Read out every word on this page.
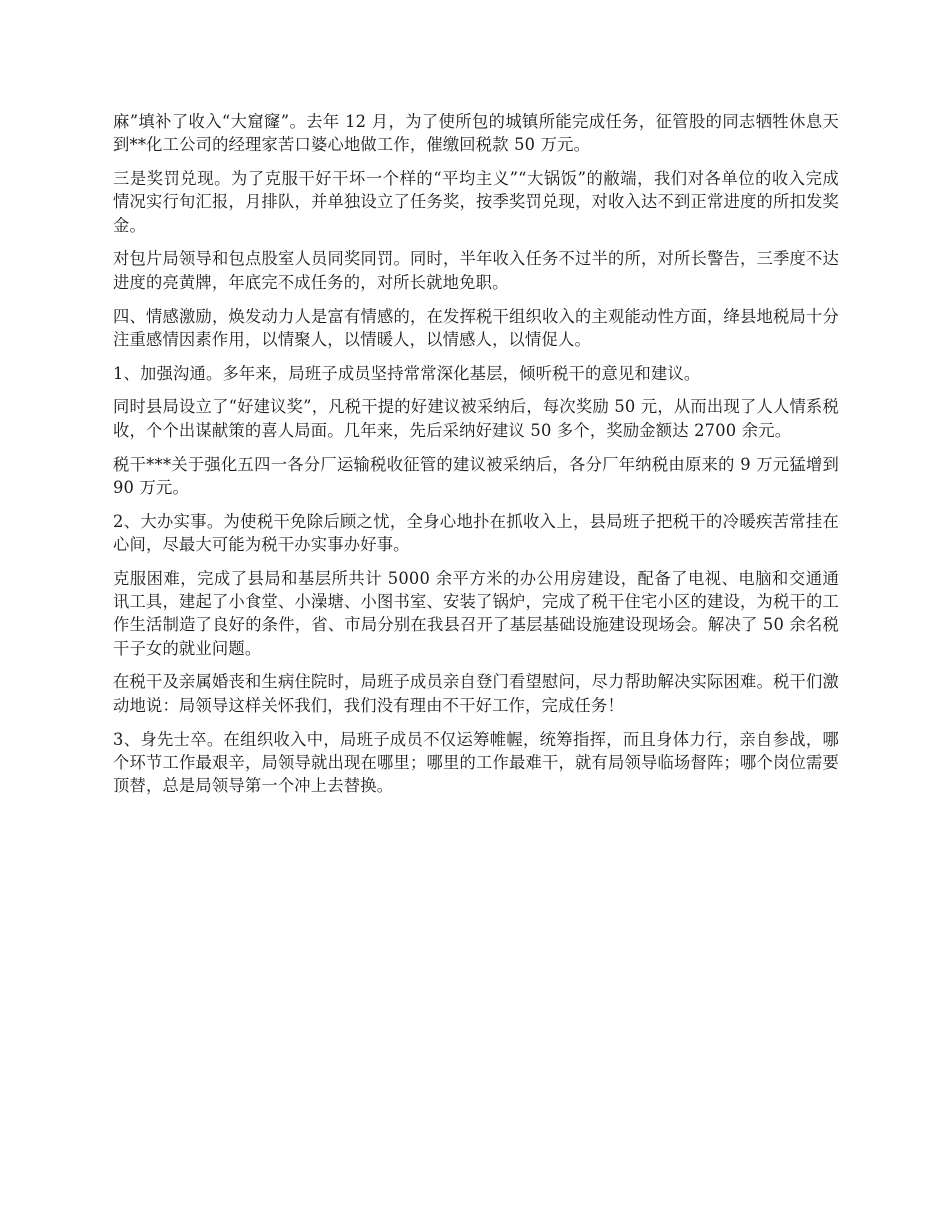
麻”填补了收入“大窟窿”。去年 12 月，为了使所包的城镇所能完成任务，征管股的同志牺牲休息天到**化工公司的经理家苦口婆心地做工作，催缴回税款 50 万元。

三是奖罚兑现。为了克服干好干坏一个样的“平均主义”“大锅饭”的敝端，我们对各单位的收入完成情况实行旬汇报，月排队，并单独设立了任务奖，按季奖罚兑现，对收入达不到正常进度的所扣发奖金。

对包片局领导和包点股室人员同奖同罚。同时，半年收入任务不过半的所，对所长警告，三季度不达进度的亮黄牌，年底完不成任务的，对所长就地免职。

四、情感激励，焕发动力人是富有情感的，在发挥税干组织收入的主观能动性方面，绛县地税局十分注重感情因素作用，以情聚人，以情暖人，以情感人，以情促人。

1、加强沟通。多年来，局班子成员坚持常常深化基层，倾听税干的意见和建议。

同时县局设立了“好建议奖”，凡税干提的好建议被采纳后，每次奖励 50 元，从而出现了人人情系税收，个个出谋献策的喜人局面。几年来，先后采纳好建议 50 多个，奖励金额达 2700 余元。

税干***关于强化五四一各分厂运输税收征管的建议被采纳后，各分厂年纳税由原来的 9 万元猛增到 90 万元。

2、大办实事。为使税干免除后顾之忧，全身心地扑在抓收入上，县局班子把税干的冷暖疾苦常挂在心间，尽最大可能为税干办实事办好事。

克服困难，完成了县局和基层所共计 5000 余平方米的办公用房建设，配备了电视、电脑和交通通讯工具，建起了小食堂、小澡塘、小图书室、安装了锅炉，完成了税干住宅小区的建设，为税干的工作生活制造了良好的条件，省、市局分别在我县召开了基层基础设施建设现场会。解决了 50 余名税干子女的就业问题。

在税干及亲属婚丧和生病住院时，局班子成员亲自登门看望慰问，尽力帮助解决实际困难。税干们激动地说：局领导这样关怀我们，我们没有理由不干好工作，完成任务！

3、身先士卒。在组织收入中，局班子成员不仅运筹帷幄，统筹指挥，而且身体力行，亲自参战，哪个环节工作最艰辛，局领导就出现在哪里；哪里的工作最难干，就有局领导临场督阵；哪个岗位需要顶替，总是局领导第一个冲上去替换。
